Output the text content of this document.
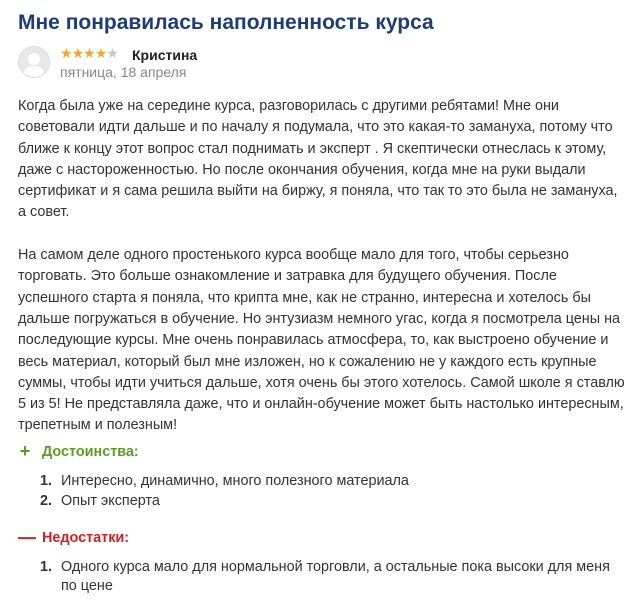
Мне понравилась наполненность курса
★★★★★ Кристина
пятница, 18 апреля

Когда была уже на середине курса, разговорилась с другими ребятами! Мне они советовали идти дальше и по началу я подумала, что это какая-то замануха, потому что ближе к концу этот вопрос стал поднимать и эксперт . Я скептически отнеслась к этому, даже с настороженностью. Но после окончания обучения, когда мне на руки выдали сертификат и я сама решила выйти на биржу, я поняла, что так то это была не замануха, а совет.

На самом деле одного простенького курса вообще мало для того, чтобы серьезно торговать. Это больше ознакомление и затравка для будущего обучения. После успешного старта я поняла, что крипта мне, как не странно, интересна и хотелось бы дальше погружаться в обучение. Но энтузиазм немного угас, когда я посмотрела цены на последующие курсы. Мне очень понравилась атмосфера, то, как выстроено обучение и весь материал, который был мне изложен, но к сожалению не у каждого есть крупные суммы, чтобы идти учиться дальше, хотя очень бы этого хотелось. Самой школе я ставлю 5 из 5! Не представляла даже, что и онлайн-обучение может быть настолько интересным, трепетным и полезным!

+ Достоинства:
1. Интересно, динамично, много полезного материала
2. Опыт эксперта
— Недостатки:
1. Одного курса мало для нормальной торговли, а остальные пока высоки для меня по цене
